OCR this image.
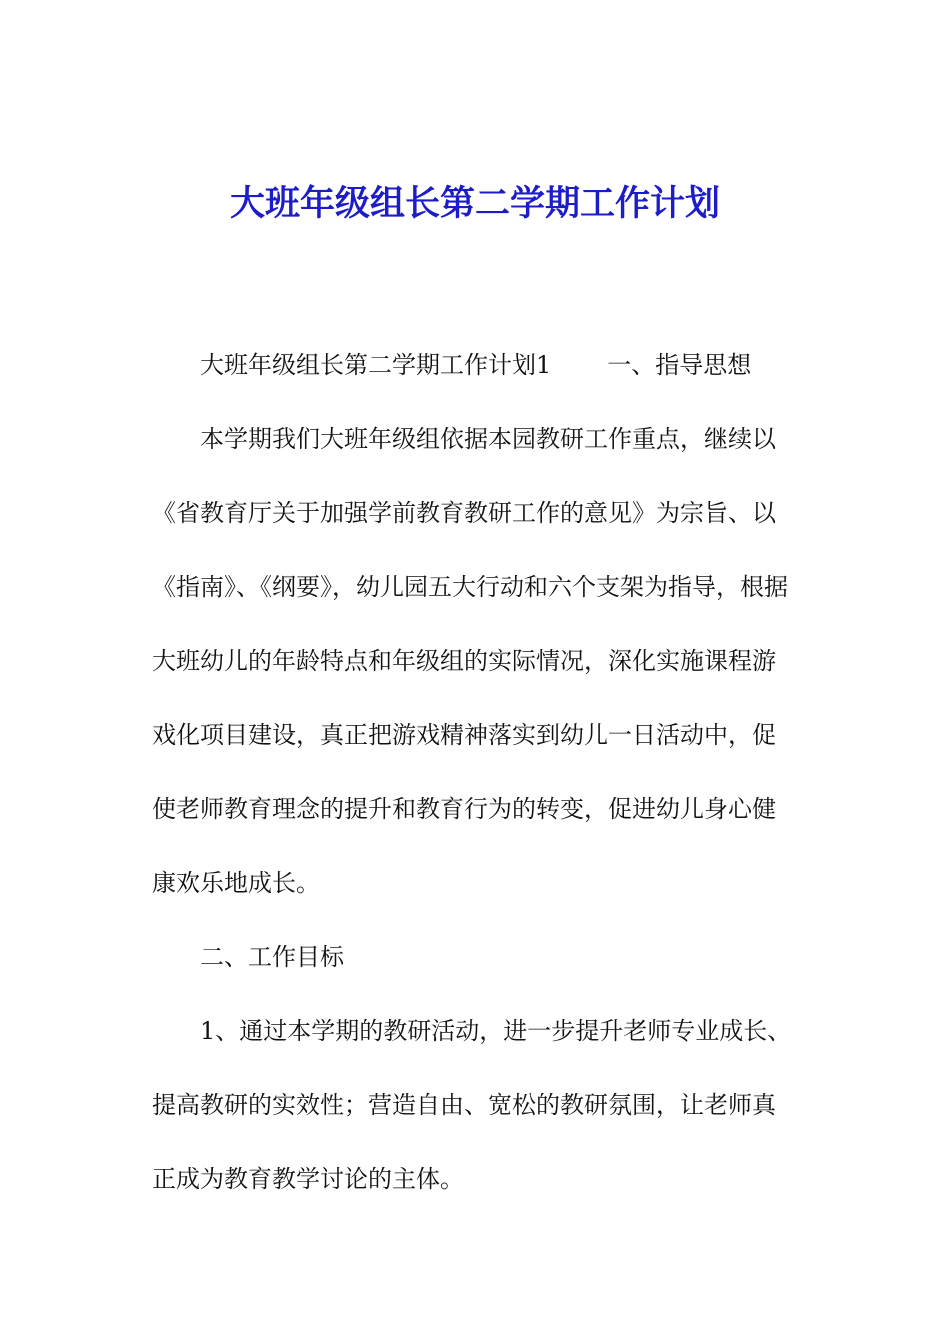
大班年级组长第二学期工作计划

大班年级组长第二学期工作计划1 一、指导思想

本学期我们大班年级组依据本园教研工作重点，继续以《省教育厅关于加强学前教育教研工作的意见》为宗旨、以《指南》、《纲要》，幼儿园五大行动和六个支架为指导，根据大班幼儿的年龄特点和年级组的实际情况，深化实施课程游戏化项目建设，真正把游戏精神落实到幼儿一日活动中，促使老师教育理念的提升和教育行为的转变，促进幼儿身心健康欢乐地成长。

二、工作目标

1、通过本学期的教研活动，进一步提升老师专业成长、提高教研的实效性；营造自由、宽松的教研氛围，让老师真正成为教育教学讨论的主体。
